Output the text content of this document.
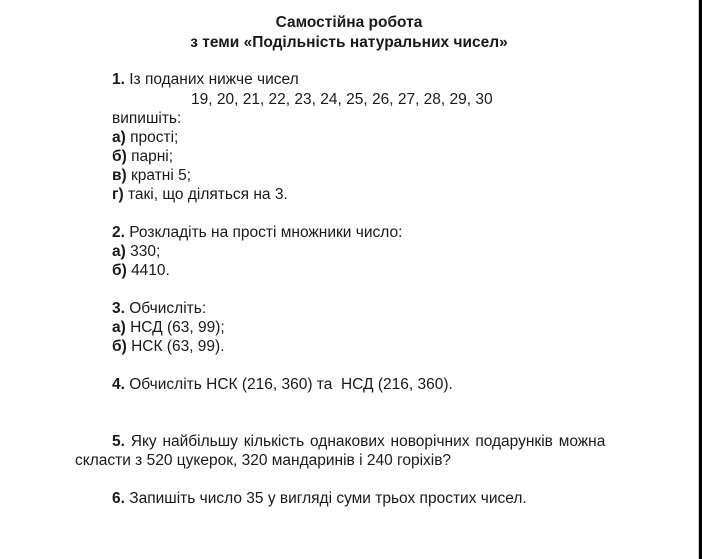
Самостійна робота
з теми «Подільність натуральних чисел»
1. Із поданих нижче чисел
19, 20, 21, 22, 23, 24, 25, 26, 27, 28, 29, 30
випишіть:
а) прості;
б) парні;
в) кратні 5;
г) такі, що діляться на 3.
2. Розкладіть на прості множники число:
а) 330;
б) 4410.
3. Обчисліть:
а) НСД (63, 99);
б) НСК (63, 99).
4. Обчисліть НСК (216, 360) та  НСД (216, 360).
5. Яку найбільшу кількість однакових новорічних подарунків можна
скласти з 520 цукерок, 320 мандаринів і 240 горіхів?
6. Запишіть число 35 у вигляді суми трьох простих чисел.
